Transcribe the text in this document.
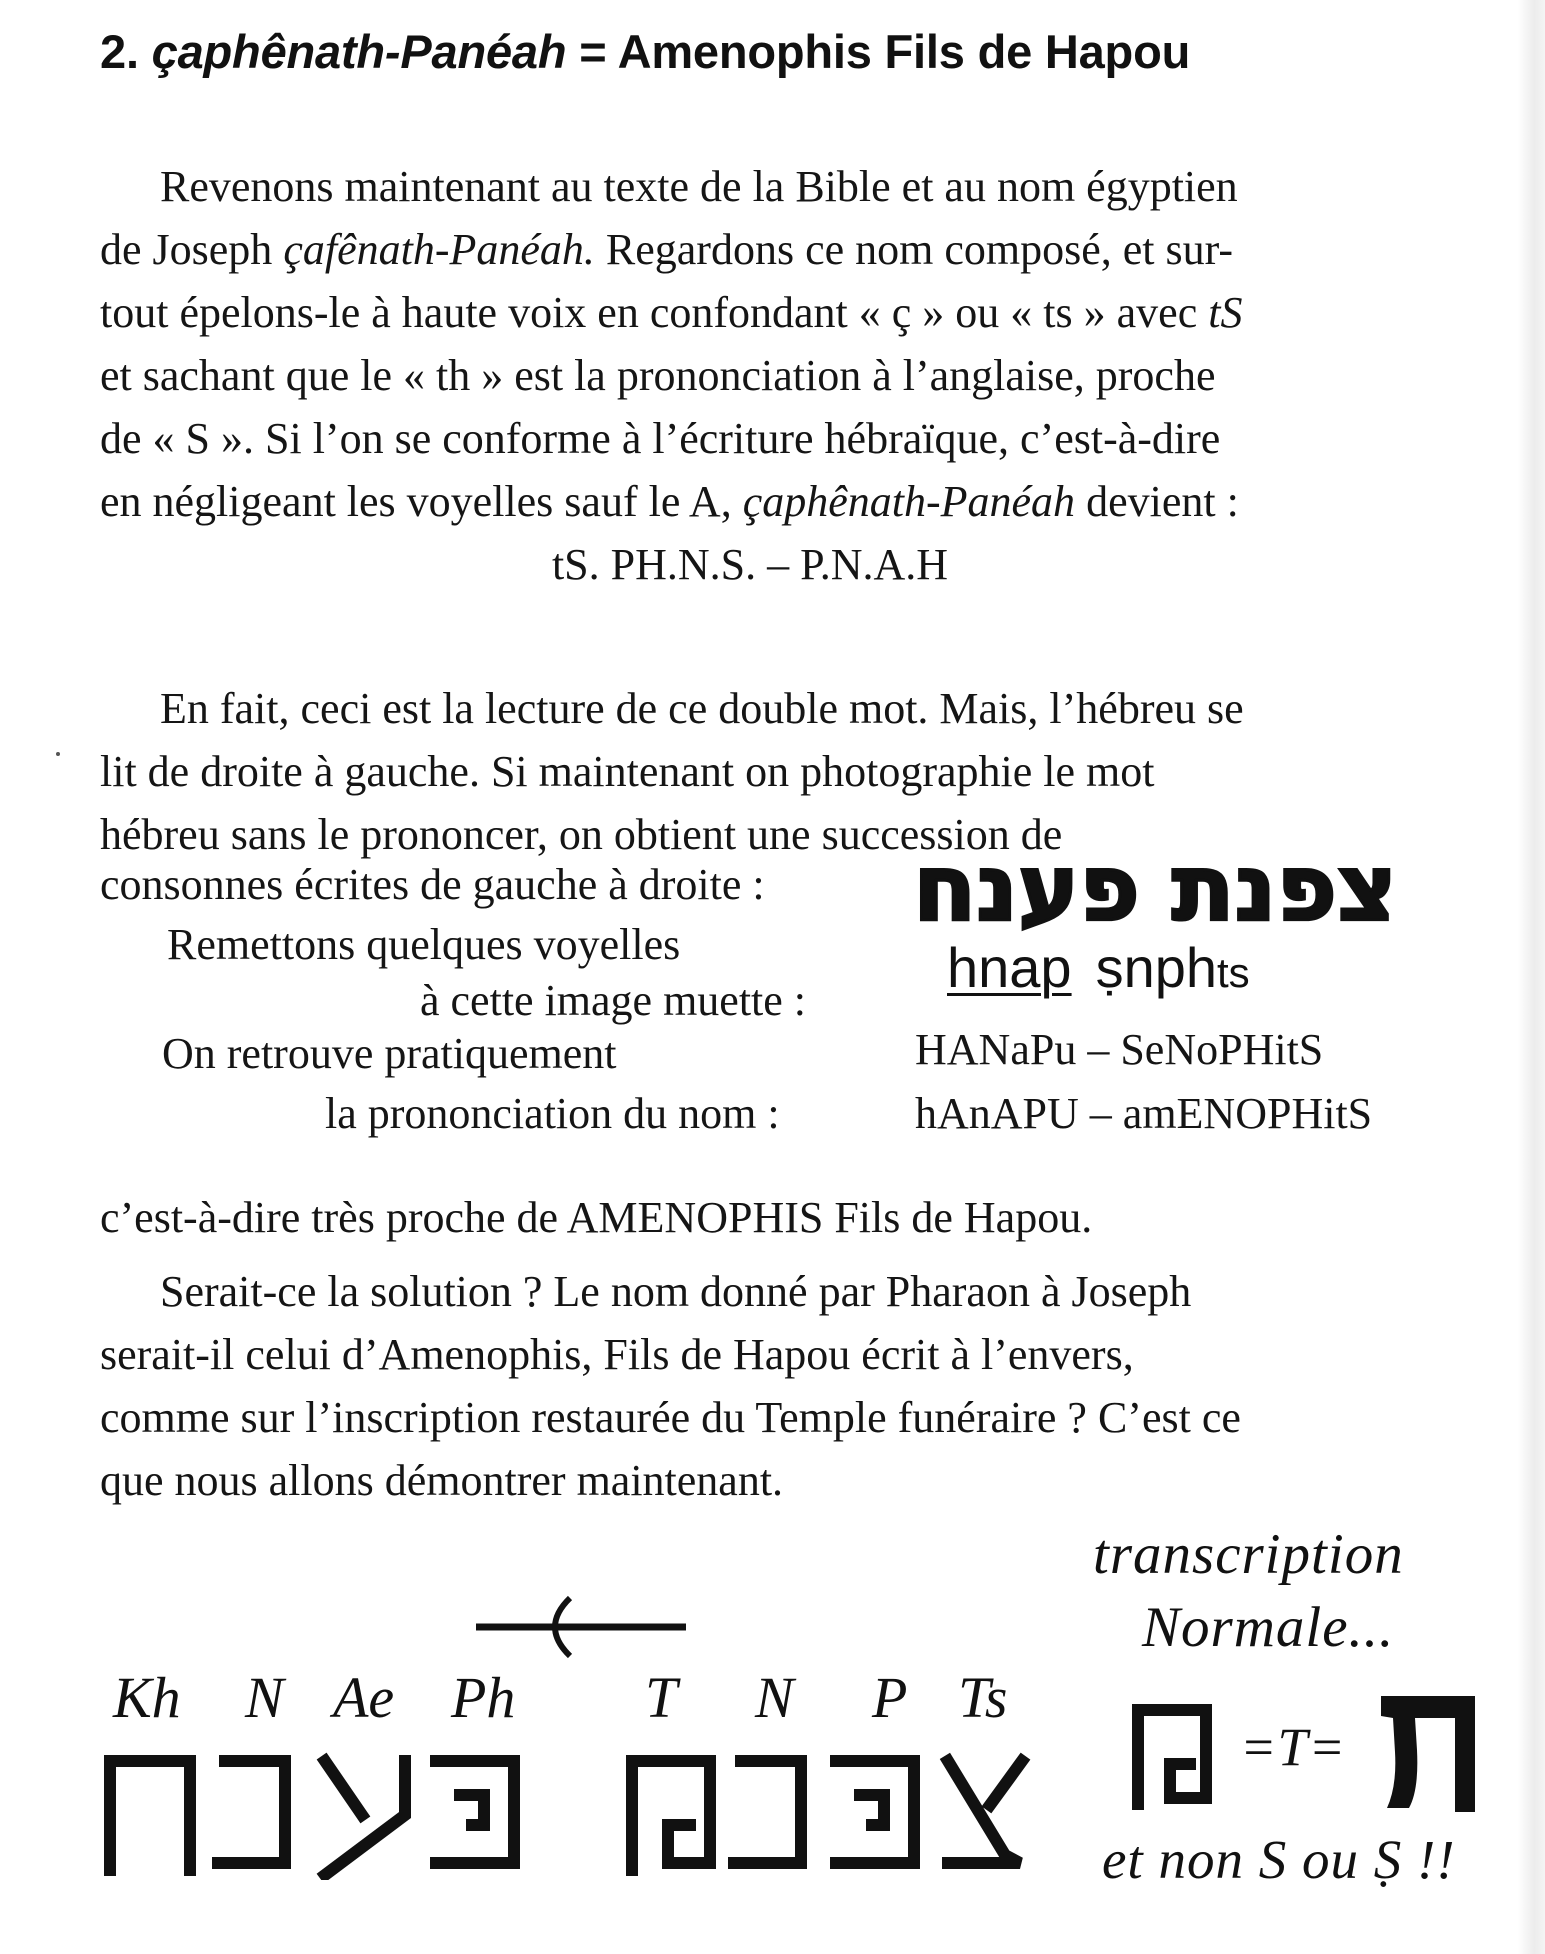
2. çaphênath-Panéah = Amenophis Fils de Hapou
Revenons maintenant au texte de la Bible et au nom égyptien
de Joseph çafênath-Panéah. Regardons ce nom composé, et sur-
tout épelons-le à haute voix en confondant « ç » ou « ts » avec tS
et sachant que le « th » est la prononciation à l’anglaise, proche
de « S ». Si l’on se conforme à l’écriture hébraïque, c’est-à-dire
en négligeant les voyelles sauf le A, çaphênath-Panéah devient :
tS. PH.N.S. – P.N.A.H
En fait, ceci est la lecture de ce double mot. Mais, l’hébreu se
lit de droite à gauche. Si maintenant on photographie le mot
hébreu sans le prononcer, on obtient une succession de
consonnes écrites de gauche à droite : צפנת פענח
Remettons quelques voyelles
à cette image muette :
hnap ṣnphts
On retrouve pratiquement	HANaPu – SeNoPHitS
la prononciation du nom :	hAnAPU – amENOPHitS
c’est-à-dire très proche de AMENOPHIS Fils de Hapou.
Serait-ce la solution ? Le nom donné par Pharaon à Joseph
serait-il celui d’Amenophis, Fils de Hapou écrit à l’envers,
comme sur l’inscription restaurée du Temple funéraire ? C’est ce
que nous allons démontrer maintenant.
Kh N Ae Ph T N P Ts
transcription
Normale...
=T=
et non S ou Ṣ !!
